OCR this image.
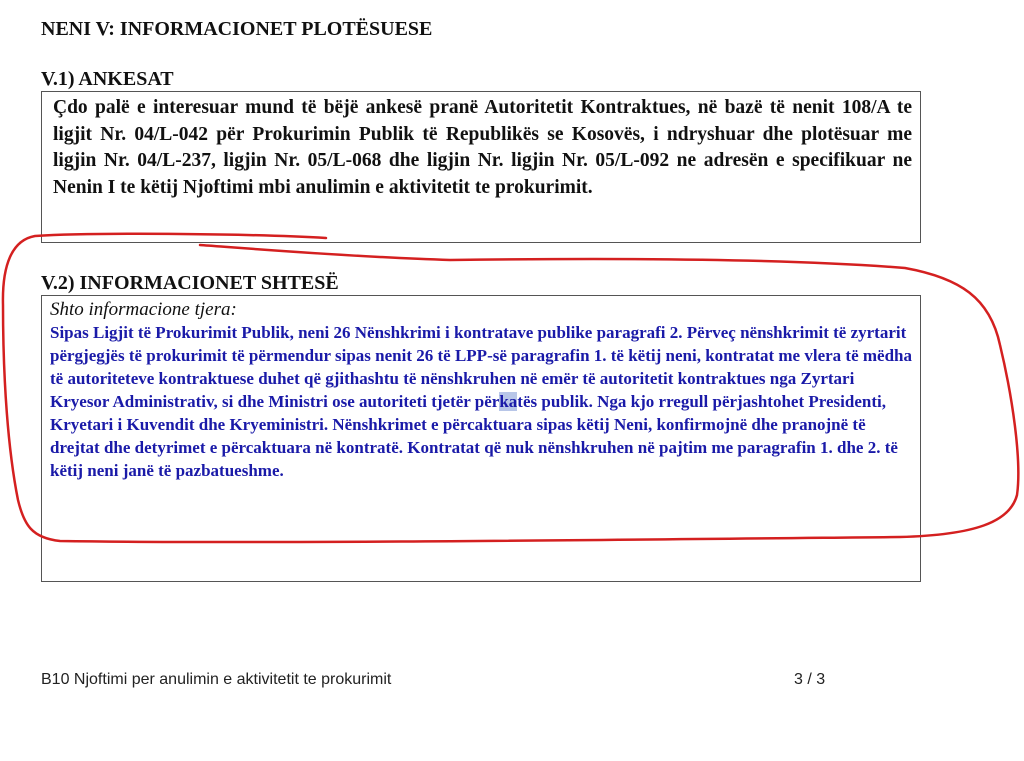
NENI V: INFORMACIONET PLOTËSUESE
V.1) ANKESAT

Çdo palë e interesuar mund të bëjë ankesë pranë Autoritetit Kontraktues, në bazë të nenit 108/A te ligjit Nr. 04/L-042 për Prokurimin Publik të Republikës se Kosovës, i ndryshuar dhe plotësuar me ligjin Nr. 04/L-237, ligjin Nr. 05/L-068 dhe ligjin Nr. ligjin Nr. 05/L-092 ne adresën e specifikuar ne Nenin I te këtij Njoftimi mbi anulimin e aktivitetit te prokurimit.

V.2) INFORMACIONET SHTESË

Shto informacione tjera:

Sipas Ligjit të Prokurimit Publik, neni 26 Nënshkrimi i kontratave publike paragrafi 2. Përveç nënshkrimit të zyrtarit përgjegjës të prokurimit të përmendur sipas nenit 26 të LPP-së paragrafin 1. të këtij neni, kontratat me vlera të mëdha të autoriteteve kontraktuese duhet që gjithashtu të nënshkruhen në emër të autoritetit kontraktues nga Zyrtari Kryesor Administrativ, si dhe Ministri ose autoriteti tjetër përkatës publik. Nga kjo rregull përjashtohet Presidenti, Kryetari i Kuvendit dhe Kryeministri. Nënshkrimet e përcaktuara sipas këtij Neni, konfirmojnë dhe pranojnë të drejtat dhe detyrimet e përcaktuara në kontratë. Kontratat që nuk nënshkruhen në pajtim me paragrafin 1. dhe 2. të këtij neni janë të pazbatueshme.

B10 Njoftimi per anulimin e aktivitetit te prokurimit	3 / 3
